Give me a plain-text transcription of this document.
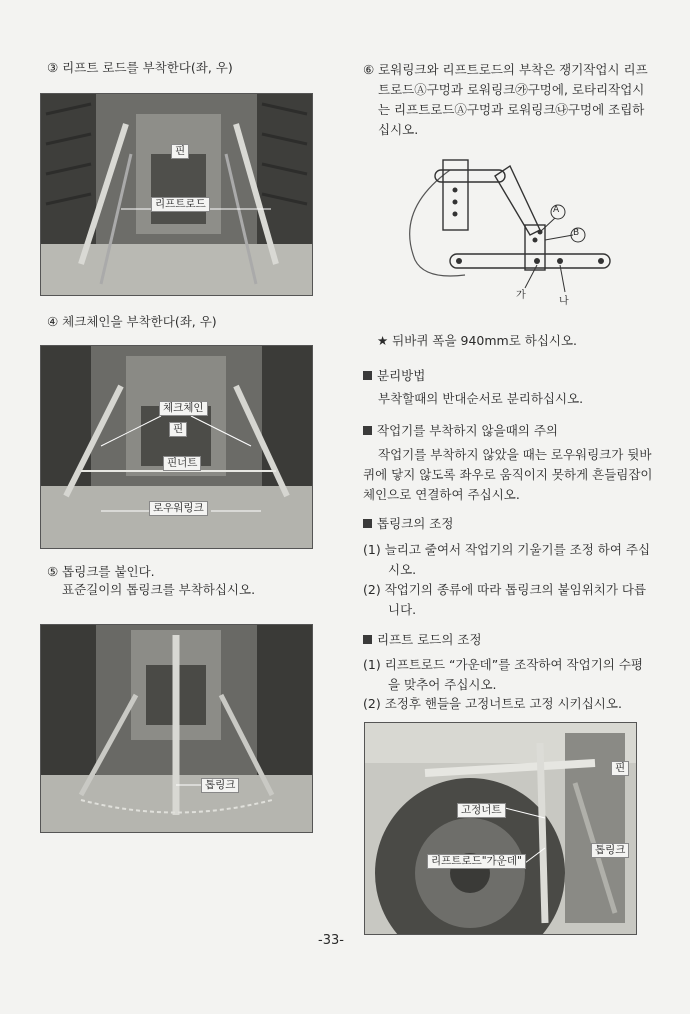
③ 리프트 로드를 부착한다(좌, 우)
핀
리프트로드
④ 체크체인을 부착한다(좌, 우)
체크체인
핀
핀너트
로우워링크
⑤ 톱링크를 붙인다.
표준길이의 톱링크를 부착하십시오.
톱링크
⑥ 로워링크와 리프트로드의 부착은 쟁기작업시 리프
트로드Ⓐ구멍과 로워링크㉮구멍에, 로타리작업시
는 리프트로드Ⓐ구멍과 로워링크㉯구멍에 조립하
십시오.
A
B
가
나
★ 뒤바퀴 폭을 940mm로 하십시오.
분리방법
부착할때의 반대순서로 분리하십시오.
작업기를 부착하지 않을때의 주의
작업기를 부착하지 않았을 때는 로우워링크가 뒷바
퀴에 닿지 않도록 좌우로 움직이지 못하게 흔들림잡이
체인으로 연결하여 주십시오.
톱링크의 조정
(1) 늘리고 줄여서 작업기의 기울기를 조정 하여 주십
시오.
(2) 작업기의 종류에 따라 톱링크의 붙임위치가 다릅
니다.
리프트 로드의 조정
(1) 리프트로드 “가운데”를 조작하여 작업기의 수평
을 맞추어 주십시오.
(2) 조정후 핸들을 고정너트로 고정 시키십시오.
핀
고정너트
톱링크
리프트로드"가운데"
-33-
